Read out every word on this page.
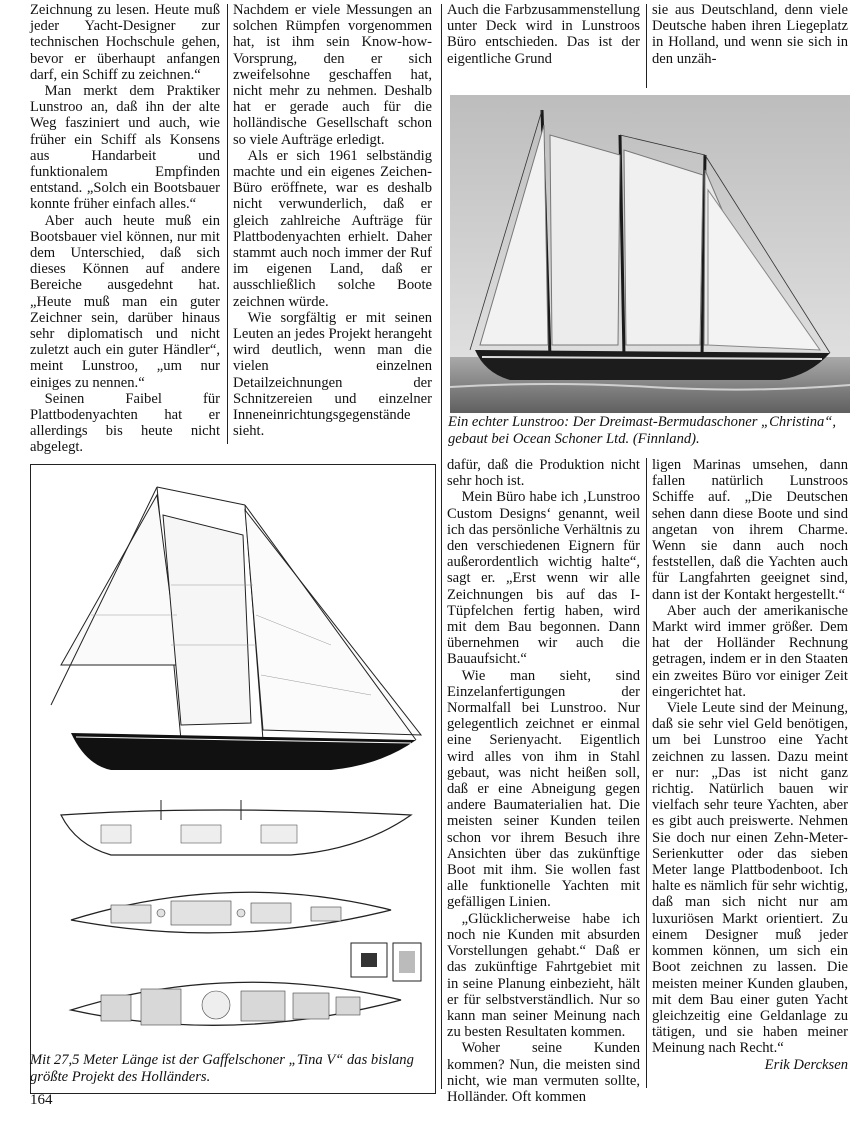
Zeichnung zu lesen. Heute muß jeder Yacht-Designer zur technischen Hochschule gehen, bevor er überhaupt anfangen darf, ein Schiff zu zeichnen.“

Man merkt dem Praktiker Lunstroo an, daß ihn der alte Weg fasziniert und auch, wie früher ein Schiff als Konsens aus Handarbeit und funktionalem Empfinden entstand. „Solch ein Bootsbauer konnte früher einfach alles.“

Aber auch heute muß ein Bootsbauer viel können, nur mit dem Unterschied, daß sich dieses Können auf andere Bereiche ausgedehnt hat. „Heute muß man ein guter Zeichner sein, darüber hinaus sehr diplomatisch und nicht zuletzt auch ein guter Händler“, meint Lunstroo, „um nur einiges zu nennen.“

Seinen Faibel für Plattbodenyachten hat er allerdings bis heute nicht abgelegt.

Nachdem er viele Messungen an solchen Rümpfen vorgenommen hat, ist ihm sein Know-how-Vorsprung, den er sich zweifelsohne geschaffen hat, nicht mehr zu nehmen. Deshalb hat er gerade auch für die holländische Gesellschaft schon so viele Aufträge erledigt.

Als er sich 1961 selbständig machte und ein eigenes Zeichen-Büro eröffnete, war es deshalb nicht verwunderlich, daß er gleich zahlreiche Aufträge für Plattbodenyachten erhielt. Daher stammt auch noch immer der Ruf im eigenen Land, daß er ausschließlich solche Boote zeichnen würde.

Wie sorgfältig er mit seinen Leuten an jedes Projekt herangeht wird deutlich, wenn man die vielen einzelnen Detailzeichnungen der Schnitzereien und einzelner Inneneinrichtungsgegenstände sieht.

Auch die Farbzusammenstellung unter Deck wird in Lunstroos Büro entschieden. Das ist der eigentliche Grund

sie aus Deutschland, denn viele Deutsche haben ihren Liegeplatz in Holland, und wenn sie sich in den unzäh-

Ein echter Lunstroo: Der Dreimast-Bermudaschoner „Christina“, gebaut bei Ocean Schoner Ltd. (Finnland).
Mit 27,5 Meter Länge ist der Gaffelschoner „Tina V“ das bislang größte Projekt des Holländers.

dafür, daß die Produktion nicht sehr hoch ist.

Mein Büro habe ich ‚Lunstroo Custom Designs‘ genannt, weil ich das persönliche Verhältnis zu den verschiedenen Eignern für außerordentlich wichtig halte“, sagt er. „Erst wenn wir alle Zeichnungen bis auf das I-Tüpfelchen fertig haben, wird mit dem Bau begonnen. Dann übernehmen wir auch die Bauaufsicht.“

Wie man sieht, sind Einzelanfertigungen der Normalfall bei Lunstroo. Nur gelegentlich zeichnet er einmal eine Serienyacht. Eigentlich wird alles von ihm in Stahl gebaut, was nicht heißen soll, daß er eine Abneigung gegen andere Baumaterialien hat. Die meisten seiner Kunden teilen schon vor ihrem Besuch ihre Ansichten über das zukünftige Boot mit ihm. Sie wollen fast alle funktionelle Yachten mit gefälligen Linien.

„Glücklicherweise habe ich noch nie Kunden mit absurden Vorstellungen gehabt.“ Daß er das zukünftige Fahrtgebiet mit in seine Planung einbezieht, hält er für selbstverständlich. Nur so kann man seiner Meinung nach zu besten Resultaten kommen.

Woher seine Kunden kommen? Nun, die meisten sind nicht, wie man vermuten sollte, Holländer. Oft kommen

ligen Marinas umsehen, dann fallen natürlich Lunstroos Schiffe auf. „Die Deutschen sehen dann diese Boote und sind angetan von ihrem Charme. Wenn sie dann auch noch feststellen, daß die Yachten auch für Langfahrten geeignet sind, dann ist der Kontakt hergestellt.“

Aber auch der amerikanische Markt wird immer größer. Dem hat der Holländer Rechnung getragen, indem er in den Staaten ein zweites Büro vor einiger Zeit eingerichtet hat.

Viele Leute sind der Meinung, daß sie sehr viel Geld benötigen, um bei Lunstroo eine Yacht zeichnen zu lassen. Dazu meint er nur: „Das ist nicht ganz richtig. Natürlich bauen wir vielfach sehr teure Yachten, aber es gibt auch preiswerte. Nehmen Sie doch nur einen Zehn-Meter-Serienkutter oder das sieben Meter lange Plattbodenboot. Ich halte es nämlich für sehr wichtig, daß man sich nicht nur am luxuriösen Markt orientiert. Zu einem Designer muß jeder kommen können, um sich ein Boot zeichnen zu lassen. Die meisten meiner Kunden glauben, mit dem Bau einer guten Yacht gleichzeitig eine Geldanlage zu tätigen, und sie haben meiner Meinung nach Recht.“

Erik Dercksen

164
